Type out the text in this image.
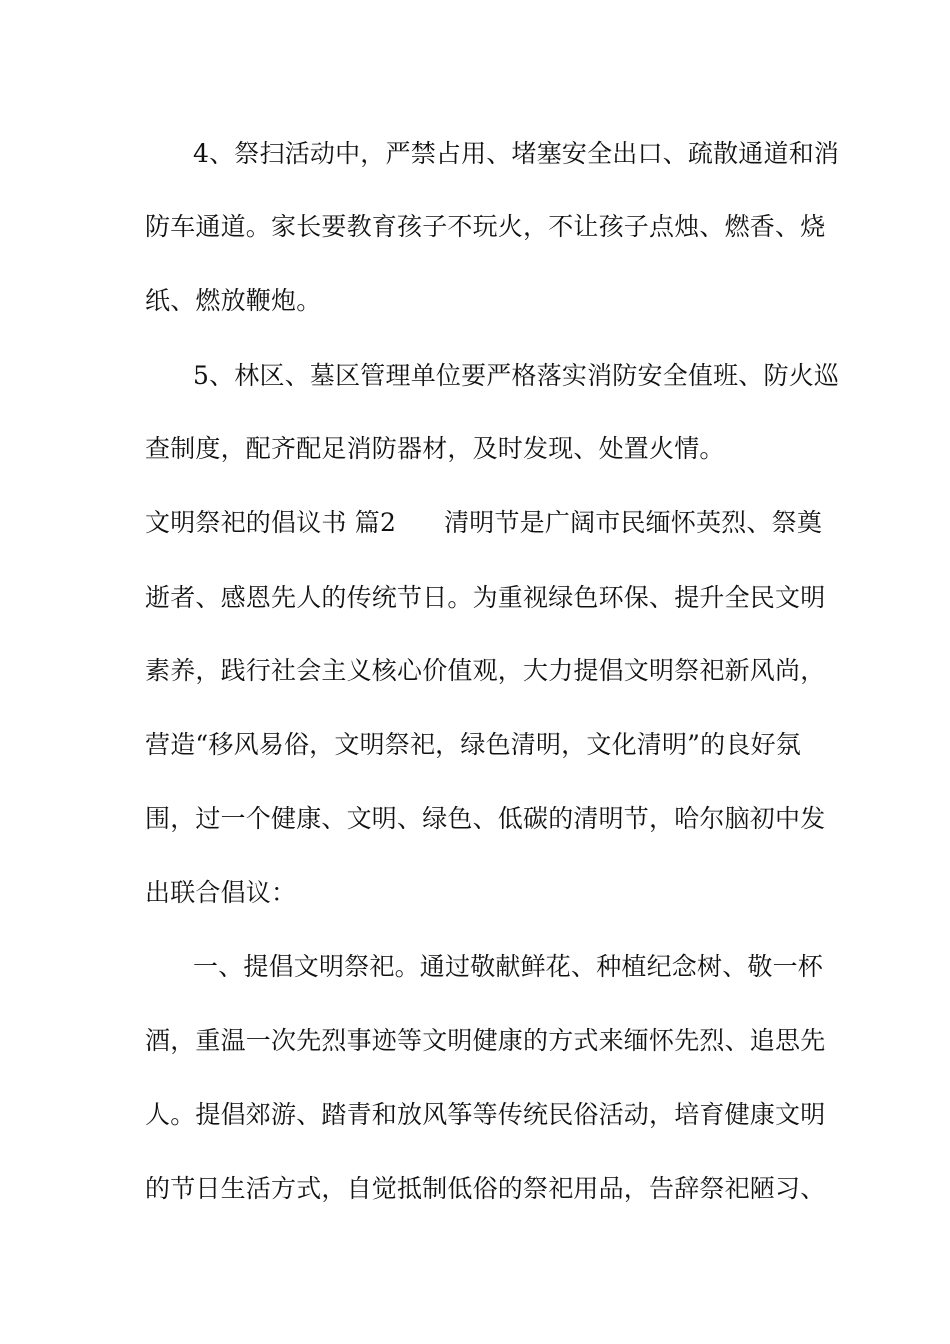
4、祭扫活动中，严禁占用、堵塞安全出口、疏散通道和消
防车通道。家长要教育孩子不玩火，不让孩子点烛、燃香、烧
纸、燃放鞭炮。
5、林区、墓区管理单位要严格落实消防安全值班、防火巡
查制度，配齐配足消防器材，及时发现、处置火情。
文明祭祀的倡议书 篇2 清明节是广阔市民缅怀英烈、祭奠
逝者、感恩先人的传统节日。为重视绿色环保、提升全民文明
素养，践行社会主义核心价值观，大力提倡文明祭祀新风尚，
营造“移风易俗，文明祭祀，绿色清明，文化清明”的良好氛
围，过一个健康、文明、绿色、低碳的清明节，哈尔脑初中发
出联合倡议：
一、提倡文明祭祀。通过敬献鲜花、种植纪念树、敬一杯
酒，重温一次先烈事迹等文明健康的方式来缅怀先烈、追思先
人。提倡郊游、踏青和放风筝等传统民俗活动，培育健康文明
的节日生活方式，自觉抵制低俗的祭祀用品，告辞祭祀陋习、
